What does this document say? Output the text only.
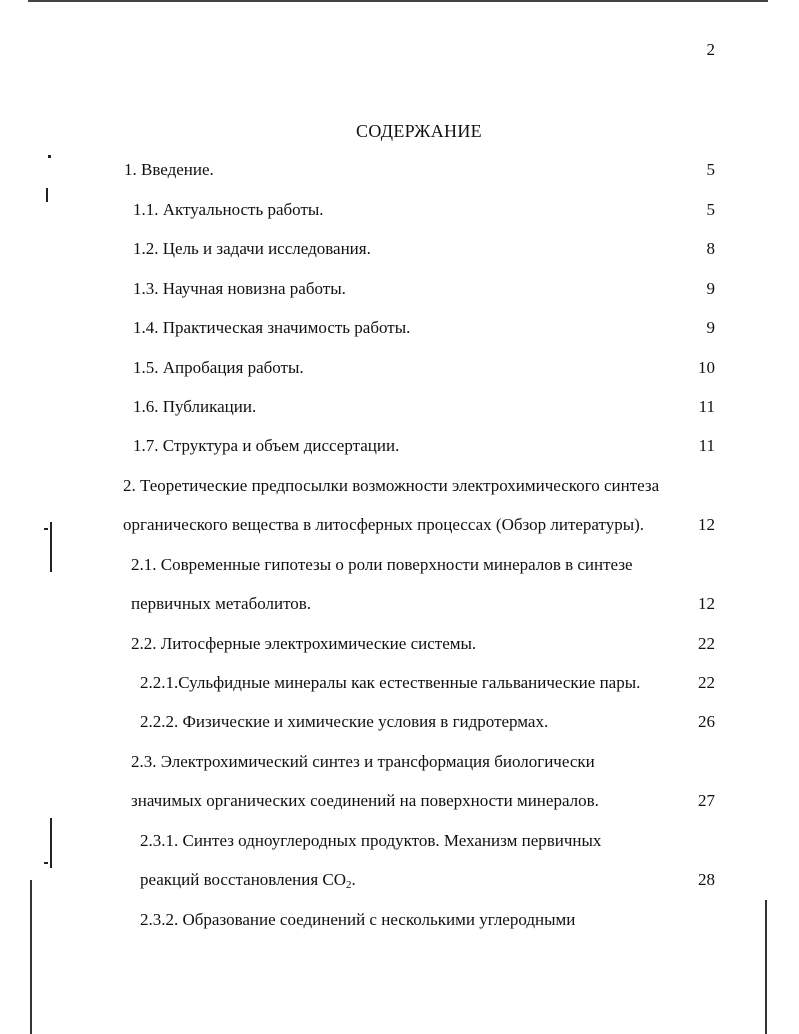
2
СОДЕРЖАНИЕ
1. Введение.	5
1.1. Актуальность работы.	5
1.2. Цель и задачи исследования.	8
1.3. Научная новизна работы.	9
1.4. Практическая значимость работы.	9
1.5. Апробация работы.	10
1.6. Публикации.	11
1.7. Структура и объем диссертации.	11
2. Теоретические предпосылки возможности электрохимического синтеза
органического вещества в литосферных процессах (Обзор литературы).	12
2.1. Современные гипотезы о роли поверхности минералов в синтезе
первичных метаболитов.	12
2.2. Литосферные электрохимические системы.	22
2.2.1.Сульфидные минералы как естественные гальванические пары.	22
2.2.2. Физические и химические условия в гидротермах.	26
2.3. Электрохимический синтез и трансформация биологически
значимых органических соединений на поверхности минералов.	27
2.3.1. Синтез одноуглеродных продуктов. Механизм первичных
реакций восстановления $CO_2$.	28
2.3.2. Образование соединений с несколькими углеродными
